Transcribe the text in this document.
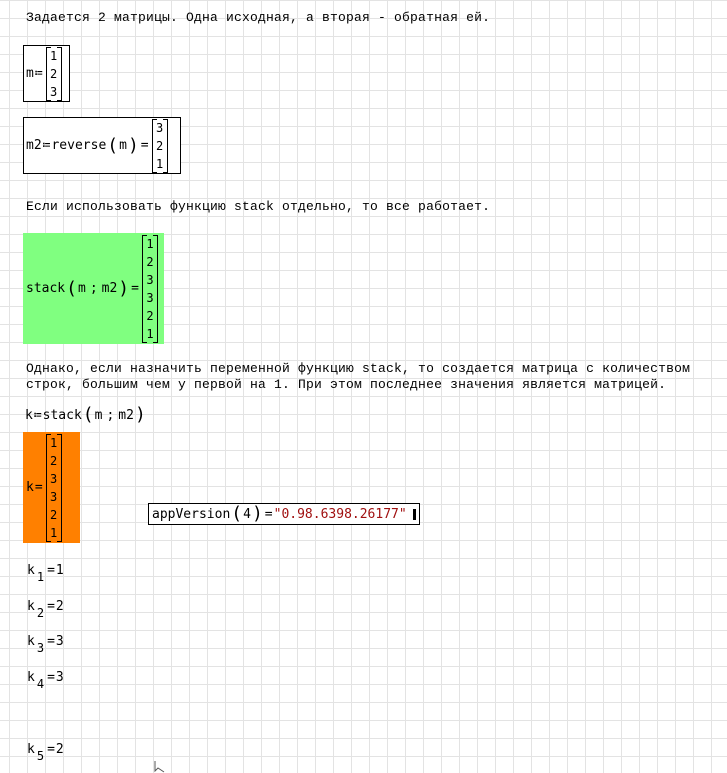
Задается 2 матрицы. Одна исходная, а вторая - обратная ей.
m ≔
1
2
3
m2 ≔ reverse ( m ) =
3
2
1
Если использовать функцию stack отдельно, то все работает.
stack ( m ; m2 ) =
1
2
3
3
2
1
Однако, если назначить переменной функцию stack, то создается матрица с количеством
строк, большим чем у первой на 1. При этом последнее значения является матрицей.
k ≔ stack ( m ; m2 )
k =
1
2
3
3
2
1
appVersion ( 4 ) = "0.98.6398.26177"
k 1 = 1
k 2 = 2
k 3 = 3
k 4 = 3
k 5 = 2
